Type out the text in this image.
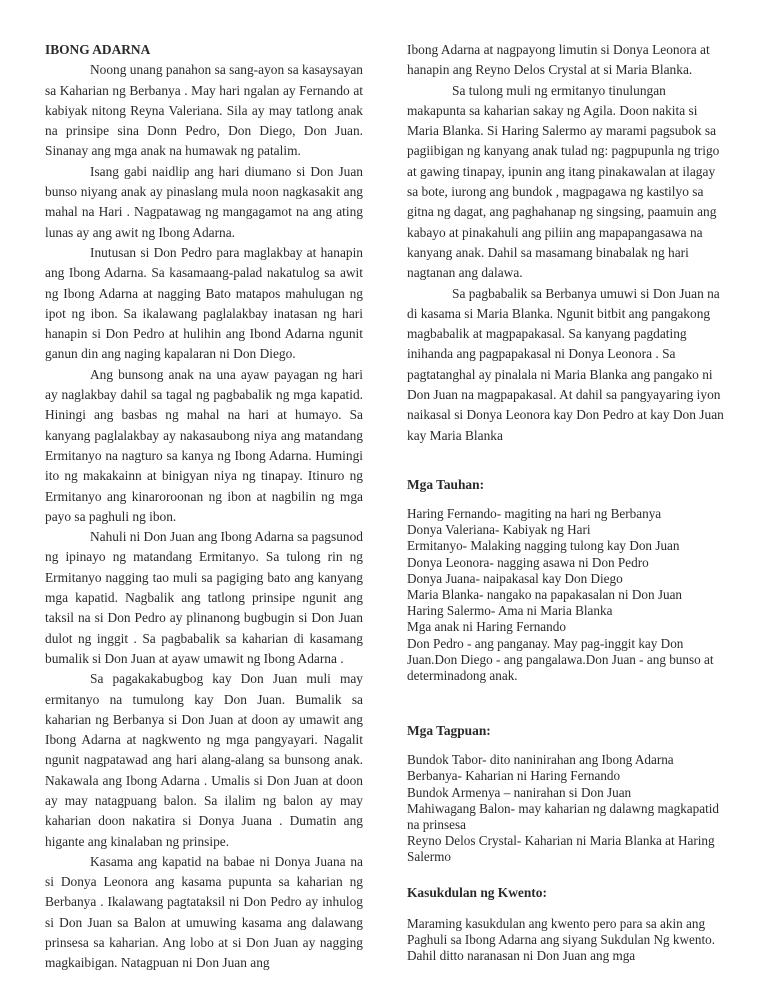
IBONG ADARNA

Noong unang panahon sa sang-ayon sa kasaysayan sa Kaharian ng Berbanya . May hari ngalan ay Fernando at kabiyak nitong Reyna Valeriana. Sila ay may tatlong anak na prinsipe sina Donn Pedro, Don Diego, Don Juan. Sinanay ang mga anak na humawak ng patalim.

Isang gabi naidlip ang hari diumano si Don Juan bunso niyang anak ay pinaslang mula noon nagkasakit ang mahal na Hari . Nagpatawag ng mangagamot na ang ating lunas ay ang awit ng Ibong Adarna.

Inutusan si Don Pedro para maglakbay at hanapin ang Ibong Adarna. Sa kasamaang-palad nakatulog sa awit ng Ibong Adarna at nagging Bato matapos mahulugan ng ipot ng ibon. Sa ikalawang paglalakbay inatasan ng hari hanapin si Don Pedro at hulihin ang Ibond Adarna ngunit ganun din ang naging kapalaran ni Don Diego.

Ang bunsong anak na una ayaw payagan ng hari ay naglakbay dahil sa tagal ng pagbabalik ng mga kapatid. Hiningi ang basbas ng mahal na hari at humayo. Sa kanyang paglalakbay ay nakasaubong niya ang matandang Ermitanyo na nagturo sa kanya ng Ibong Adarna. Humingi ito ng makakainn at binigyan niya ng tinapay. Itinuro ng Ermitanyo ang kinaroroonan ng ibon at nagbilin ng mga payo sa paghuli ng ibon.

Nahuli ni Don Juan ang Ibong Adarna sa pagsunod ng ipinayo ng matandang Ermitanyo. Sa tulong rin ng Ermitanyo nagging tao muli sa pagiging bato ang kanyang mga kapatid. Nagbalik ang tatlong prinsipe ngunit ang taksil na si Don Pedro ay plinanong bugbugin si Don Juan dulot ng inggit . Sa pagbabalik sa kaharian di kasamang bumalik si Don Juan at ayaw umawit ng Ibong Adarna .

Sa pagakakabugbog kay Don Juan muli may ermitanyo na tumulong kay Don Juan. Bumalik sa kaharian ng Berbanya si Don Juan at doon ay umawit ang Ibong Adarna at nagkwento ng mga pangyayari. Nagalit ngunit nagpatawad ang hari alang-alang sa bunsong anak. Nakawala ang Ibong Adarna . Umalis si Don Juan at doon ay may natagpuang balon. Sa ilalim ng balon ay may kaharian doon nakatira si Donya Juana . Dumatin ang higante ang kinalaban ng prinsipe.

Kasama ang kapatid na babae ni Donya Juana na si Donya Leonora ang kasama pupunta sa kaharian ng Berbanya . Ikalawang pagtataksil ni Don Pedro ay inhulog si Don Juan sa Balon at umuwing kasama ang dalawang prinsesa sa kaharian. Ang lobo at si Don Juan ay nagging magkaibigan. Natagpuan ni Don Juan ang

Ibong Adarna at nagpayong limutin si Donya Leonora at hanapin ang Reyno Delos Crystal at si Maria Blanka.

Sa tulong muli ng ermitanyo tinulungan makapunta sa kaharian sakay ng Agila. Doon nakita si Maria Blanka. Si Haring Salermo ay marami pagsubok sa pagiibigan ng kanyang anak tulad ng: pagpupunla ng trigo at gawing tinapay, ipunin ang itang pinakawalan at ilagay sa bote, iurong ang bundok , magpagawa ng kastilyo sa gitna ng dagat, ang paghahanap ng singsing, paamuin ang kabayo at pinakahuli ang piliin ang mapapangasawa na kanyang anak. Dahil sa masamang binabalak ng hari nagtanan ang dalawa.

Sa pagbabalik sa Berbanya umuwi si Don Juan na di kasama si Maria Blanka. Ngunit bitbit ang pangakong magbabalik at magpapakasal. Sa kanyang pagdating inihanda ang pagpapakasal ni Donya Leonora . Sa pagtatanghal ay pinalala ni Maria Blanka ang pangako ni Don Juan na magpapakasal. At dahil sa pangyayaring iyon naikasal si Donya Leonora kay Don Pedro at kay Don Juan kay Maria Blanka

Mga Tauhan:

Haring Fernando- magiting na hari ng Berbanya
Donya Valeriana- Kabiyak ng Hari
Ermitanyo- Malaking nagging tulong kay Don Juan
Donya Leonora- nagging asawa ni Don Pedro
Donya Juana- naipakasal kay Don Diego
Maria Blanka- nangako na papakasalan ni Don Juan
Haring Salermo- Ama ni Maria Blanka
Mga anak ni Haring Fernando
Don Pedro - ang panganay. May pag-inggit kay Don Juan.Don Diego - ang pangalawa.Don Juan - ang bunso at determinadong anak.

Mga Tagpuan:

Bundok Tabor- dito naninirahan ang Ibong Adarna
Berbanya- Kaharian ni Haring Fernando
Bundok Armenya – nanirahan si Don Juan
Mahiwagang Balon- may kaharian ng dalawng magkapatid na prinsesa
Reyno Delos Crystal- Kaharian ni Maria Blanka at Haring Salermo

Kasukdulan ng Kwento:

Maraming kasukdulan ang kwento pero para sa akin ang Paghuli sa Ibong Adarna ang siyang Sukdulan Ng kwento. Dahil ditto naranasan ni Don Juan ang mga
